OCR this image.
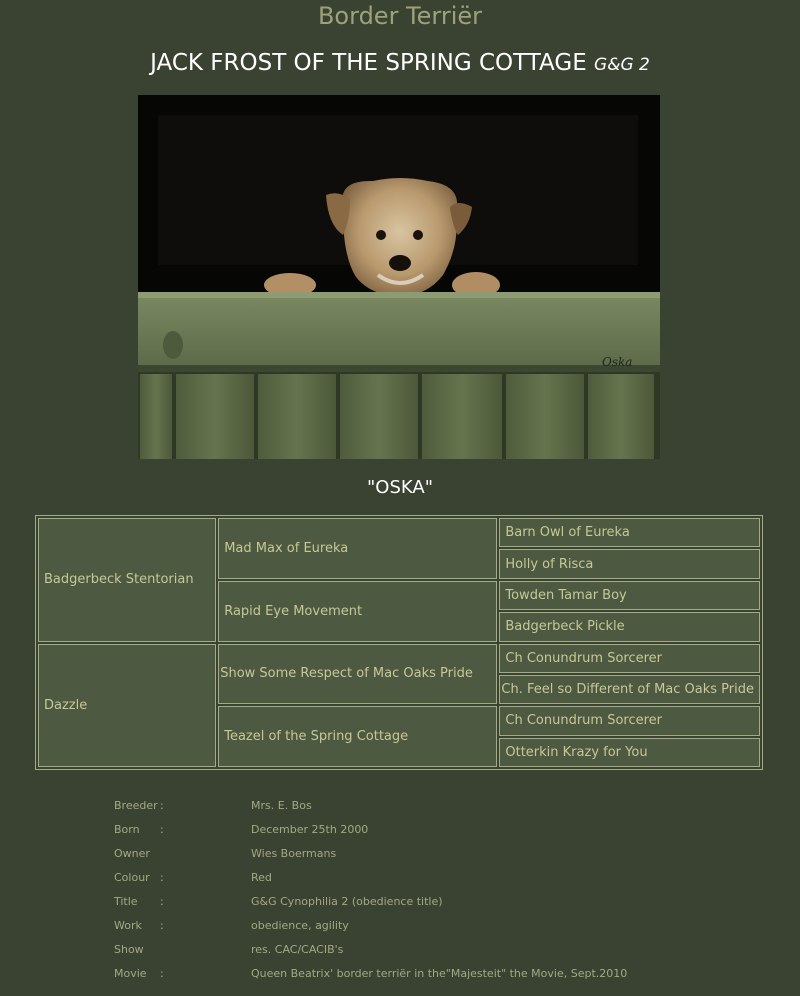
Border Terriër
JACK FROST OF THE SPRING COTTAGE G&G 2
Oska
"OSKA"
Badgerbeck Stentorian	Mad Max of Eureka	Barn Owl of Eureka
		Holly of Risca
	Rapid Eye Movement	Towden Tamar Boy
		Badgerbeck Pickle
Dazzle	Show Some Respect of Mac Oaks Pride	Ch Conundrum Sorcerer
		Ch. Feel so Different of Mac Oaks Pride
	Teazel of the Spring Cottage	Ch Conundrum Sorcerer
		Otterkin Krazy for You
Breeder :	Mrs. E. Bos
Born	:	December 25th 2000
Owner	Wies Boermans
Colour :	Red
Title	:	G&G Cynophilia 2 (obedience title)
Work	:	obedience, agility
Show	res. CAC/CACIB's
Movie	:	Queen Beatrix' border terriër in the"Majesteit" the Movie, Sept.2010
